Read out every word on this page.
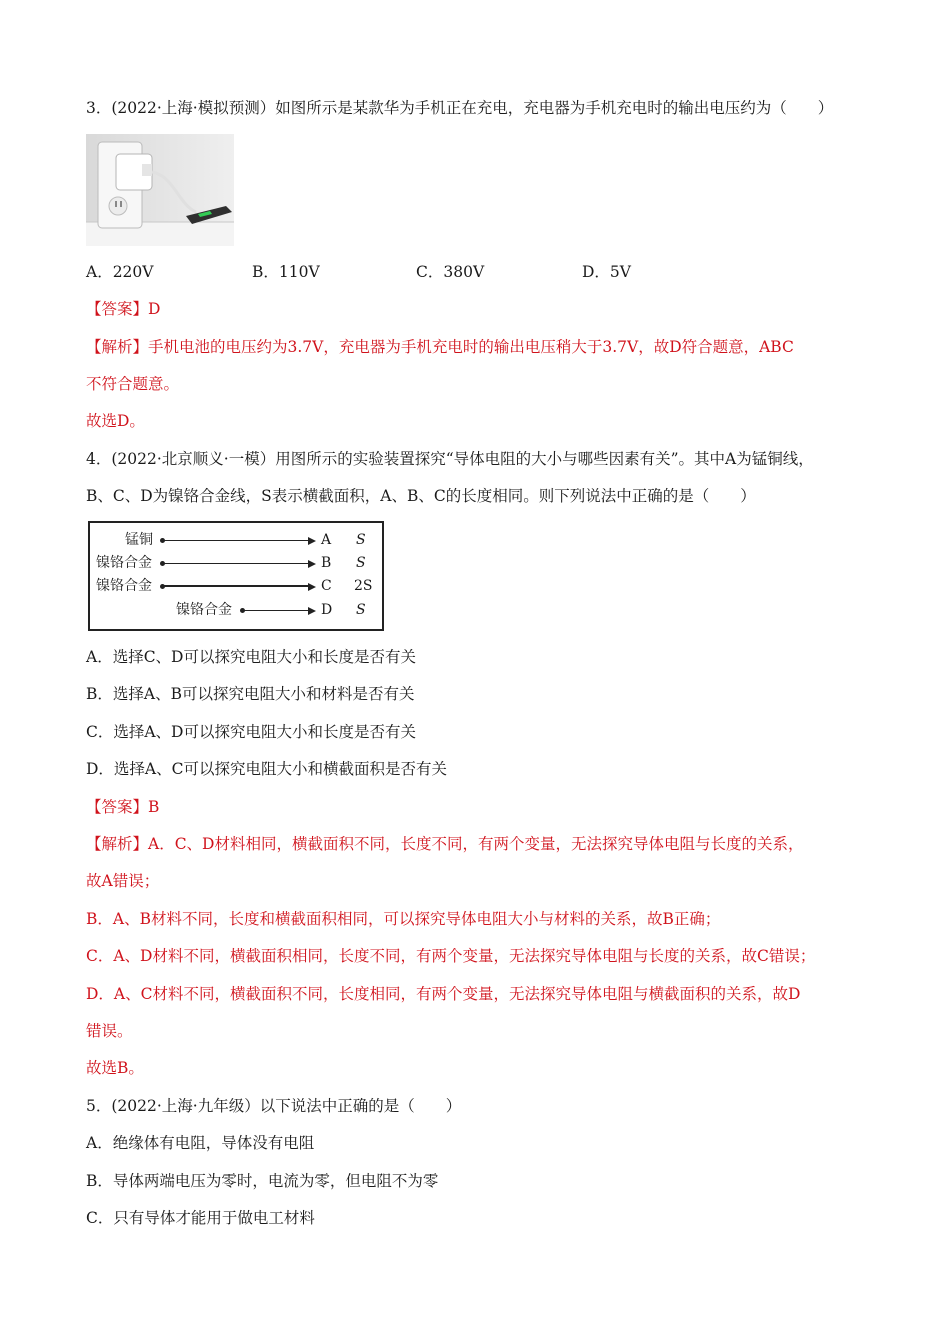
3．(2022·上海·模拟预测）如图所示是某款华为手机正在充电，充电器为手机充电时的输出电压约为（　　）
A．220V	B．110V	C．380V	D．5V
【答案】D
【解析】手机电池的电压约为3.7V，充电器为手机充电时的输出电压稍大于3.7V，故D符合题意，ABC
不符合题意。
故选D。
4．(2022·北京顺义·一模）用图所示的实验装置探究“导体电阻的大小与哪些因素有关”。其中A为锰铜线，
B、C、D为镍铬合金线，S表示横截面积，A、B、C的长度相同。则下列说法中正确的是（　　）
锰铜	A S
镍铬合金	B S
镍铬合金	C 2S
镍铬合金	D S
A．选择C、D可以探究电阻大小和长度是否有关
B．选择A、B可以探究电阻大小和材料是否有关
C．选择A、D可以探究电阻大小和长度是否有关
D．选择A、C可以探究电阻大小和横截面积是否有关
【答案】B
【解析】A．C、D材料相同，横截面积不同，长度不同，有两个变量，无法探究导体电阻与长度的关系，
故A错误；
B．A、B材料不同，长度和横截面积相同，可以探究导体电阻大小与材料的关系，故B正确；
C．A、D材料不同，横截面积相同，长度不同，有两个变量，无法探究导体电阻与长度的关系，故C错误；
D．A、C材料不同，横截面积不同，长度相同，有两个变量，无法探究导体电阻与横截面积的关系，故D
错误。
故选B。
5．(2022·上海·九年级）以下说法中正确的是（　　）
A．绝缘体有电阻，导体没有电阻
B．导体两端电压为零时，电流为零，但电阻不为零
C．只有导体才能用于做电工材料
